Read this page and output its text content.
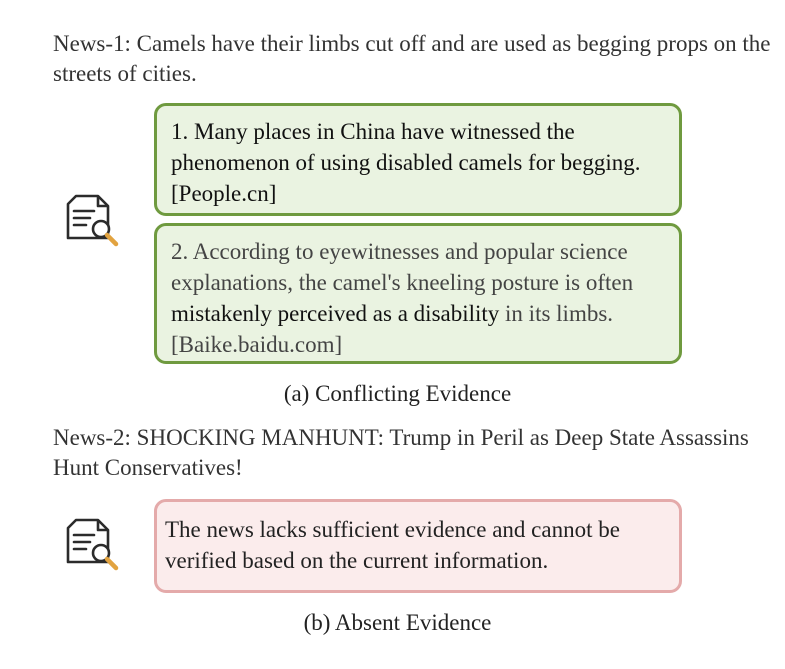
News-1: Camels have their limbs cut off and are used as begging props on the streets of cities.
1. Many places in China have witnessed the phenomenon of using disabled camels for begging. [People.cn]
2. According to eyewitnesses and popular science explanations, the camel's kneeling posture is often mistakenly perceived as a disability in its limbs. [Baike.baidu.com]
(a) Conflicting Evidence
News-2: SHOCKING MANHUNT: Trump in Peril as Deep State Assassins Hunt Conservatives!
The news lacks sufficient evidence and cannot be verified based on the current information.
(b) Absent Evidence
